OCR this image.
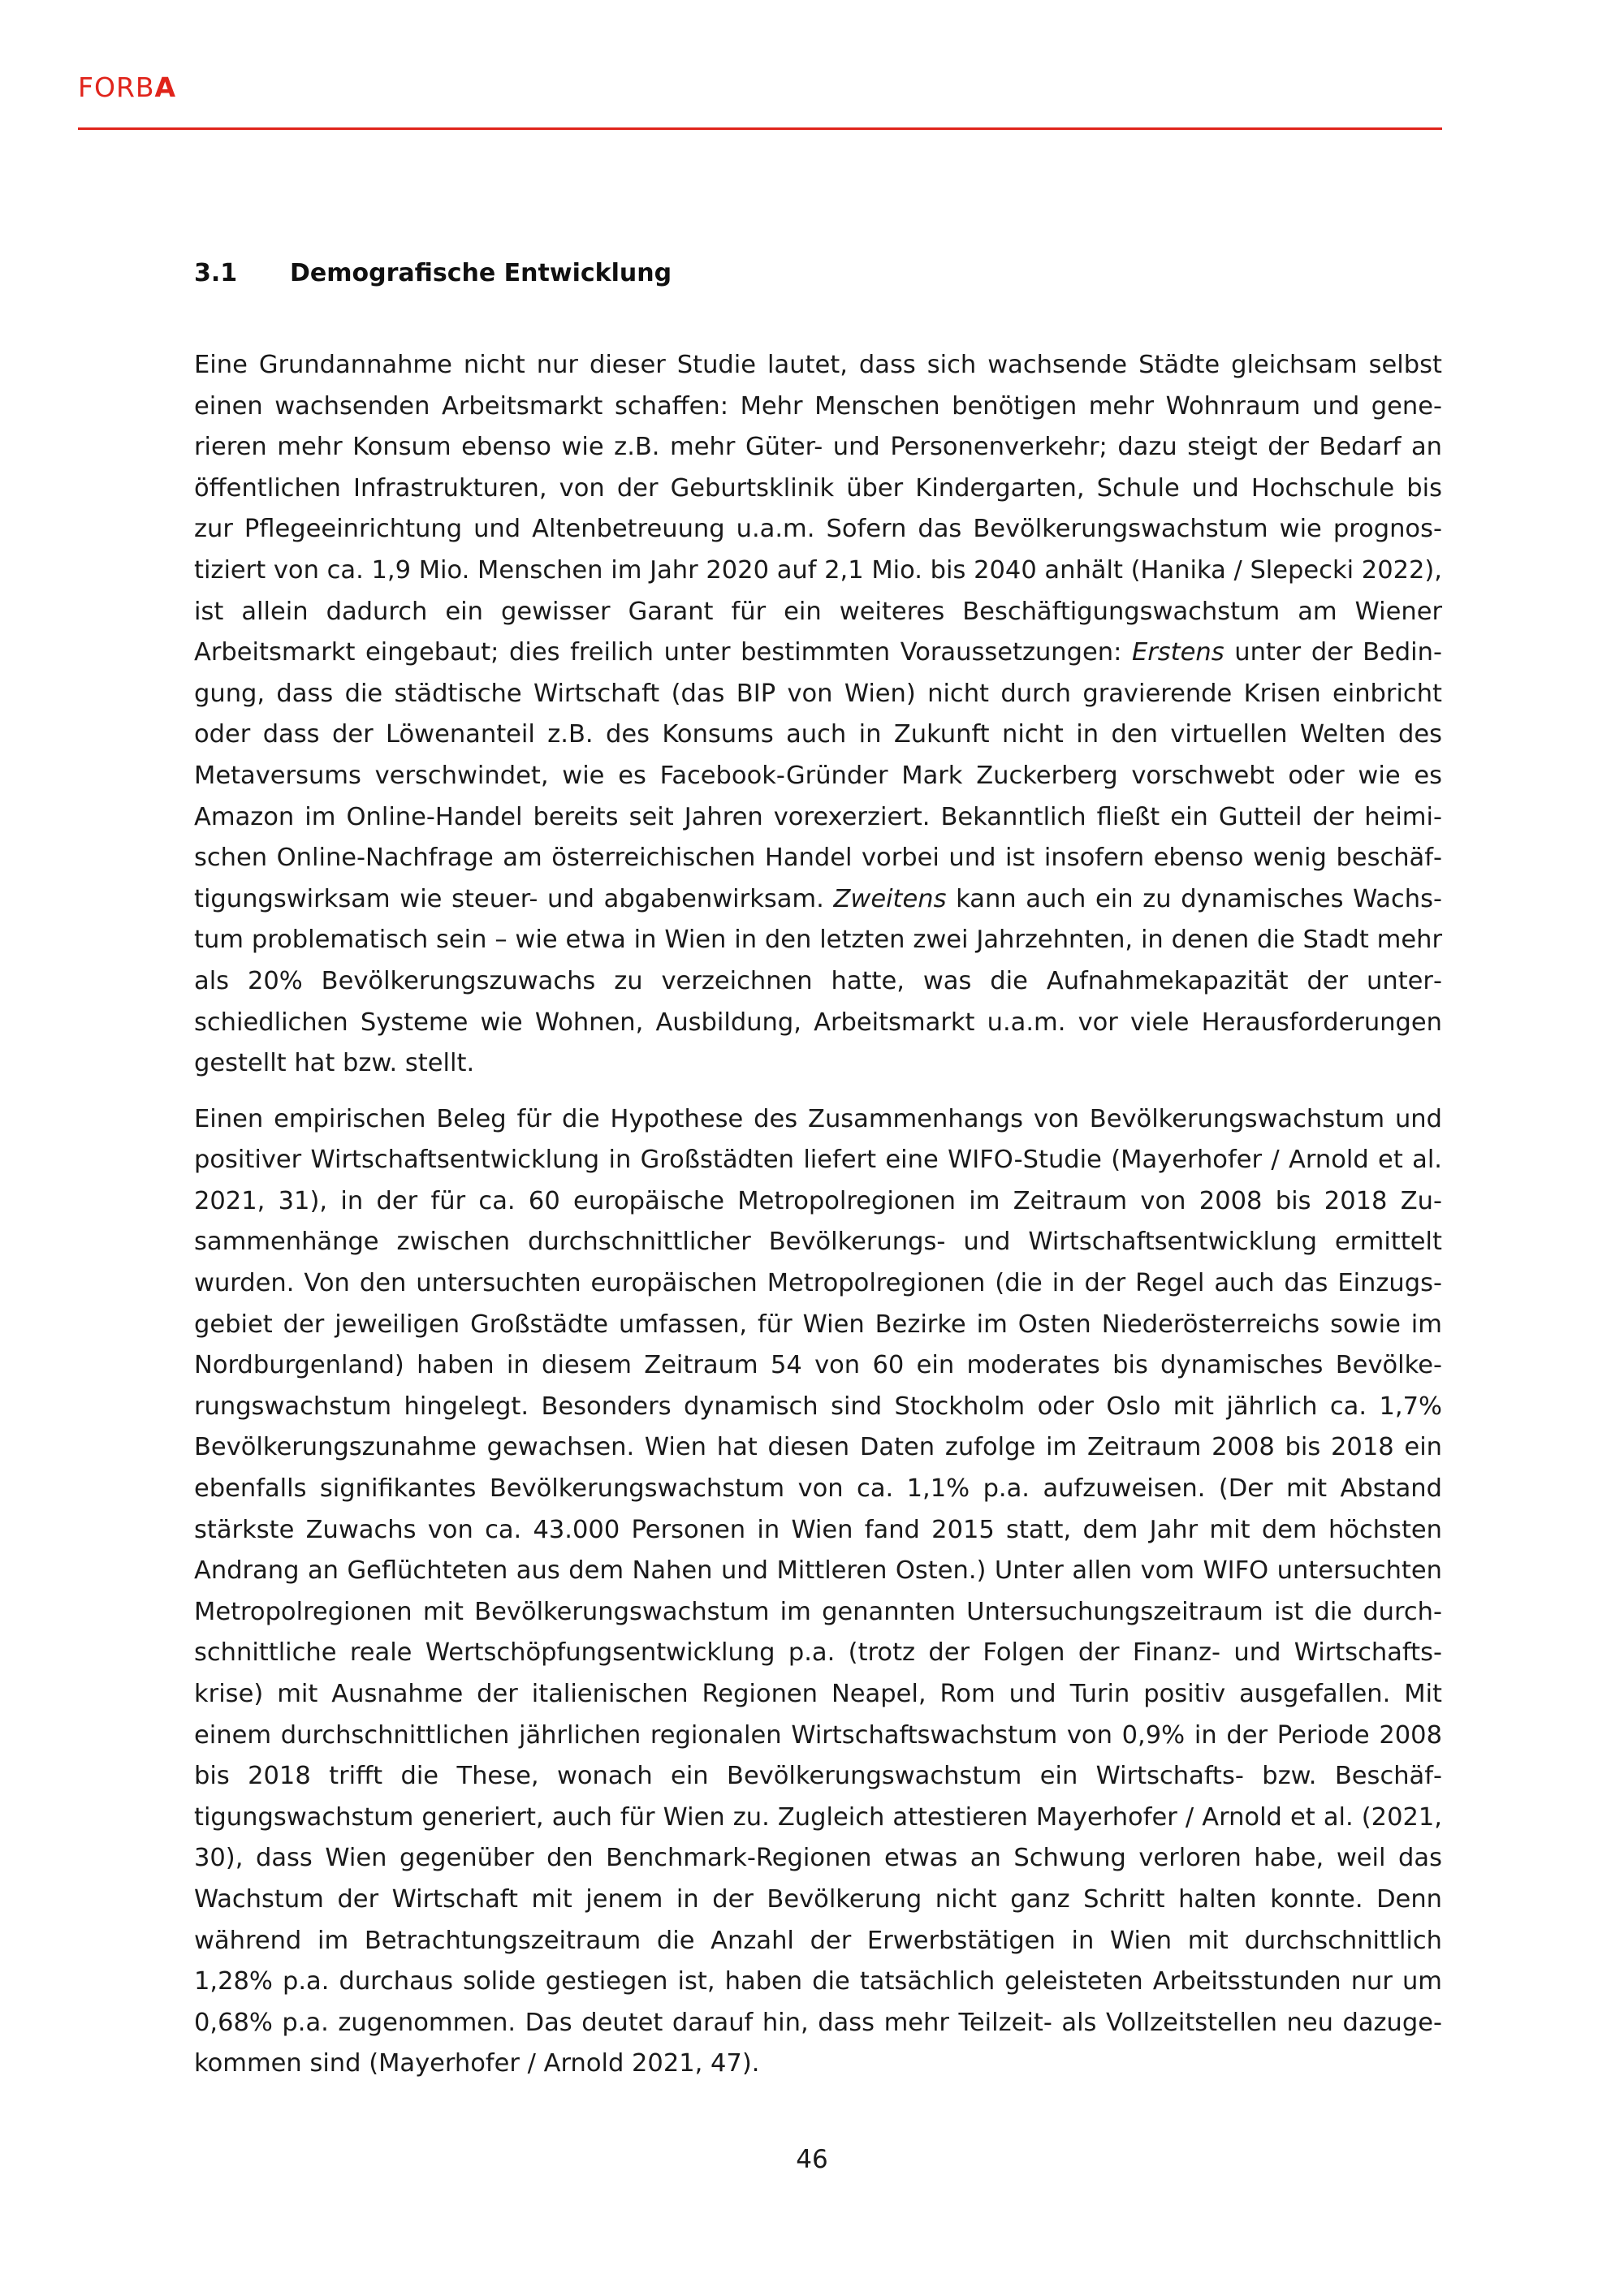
FORBA
3.1 Demografische Entwicklung

Eine Grundannahme nicht nur dieser Studie lautet, dass sich wachsende Städte gleichsam selbst einen wachsenden Arbeitsmarkt schaffen: Mehr Menschen benötigen mehr Wohnraum und generieren mehr Konsum ebenso wie z.B. mehr Güter- und Personenverkehr; dazu steigt der Bedarf an öffentlichen Infrastrukturen, von der Geburtsklinik über Kindergarten, Schule und Hochschule bis zur Pflegeeinrichtung und Altenbetreuung u.a.m. Sofern das Bevölkerungswachstum wie prognostiziert von ca. 1,9 Mio. Menschen im Jahr 2020 auf 2,1 Mio. bis 2040 anhält (Hanika / Slepecki 2022), ist allein dadurch ein gewisser Garant für ein weiteres Beschäftigungswachstum am Wiener Arbeitsmarkt eingebaut; dies freilich unter bestimmten Voraussetzungen: Erstens unter der Bedingung, dass die städtische Wirtschaft (das BIP von Wien) nicht durch gravierende Krisen einbricht oder dass der Löwenanteil z.B. des Konsums auch in Zukunft nicht in den virtuellen Welten des Metaversums verschwindet, wie es Facebook-Gründer Mark Zuckerberg vorschwebt oder wie es Amazon im Online-Handel bereits seit Jahren vorexerziert. Bekanntlich fließt ein Gutteil der heimischen Online-Nachfrage am österreichischen Handel vorbei und ist insofern ebenso wenig beschäftigungswirksam wie steuer- und abgabenwirksam. Zweitens kann auch ein zu dynamisches Wachstum problematisch sein – wie etwa in Wien in den letzten zwei Jahrzehnten, in denen die Stadt mehr als 20% Bevölkerungszuwachs zu verzeichnen hatte, was die Aufnahmekapazität der unterschiedlichen Systeme wie Wohnen, Ausbildung, Arbeitsmarkt u.a.m. vor viele Herausforderungen gestellt hat bzw. stellt.

Einen empirischen Beleg für die Hypothese des Zusammenhangs von Bevölkerungswachstum und positiver Wirtschaftsentwicklung in Großstädten liefert eine WIFO-Studie (Mayerhofer / Arnold et al. 2021, 31), in der für ca. 60 europäische Metropolregionen im Zeitraum von 2008 bis 2018 Zusammenhänge zwischen durchschnittlicher Bevölkerungs- und Wirtschaftsentwicklung ermittelt wurden. Von den untersuchten europäischen Metropolregionen (die in der Regel auch das Einzugsgebiet der jeweiligen Großstädte umfassen, für Wien Bezirke im Osten Niederösterreichs sowie im Nordburgenland) haben in diesem Zeitraum 54 von 60 ein moderates bis dynamisches Bevölkerungswachstum hingelegt. Besonders dynamisch sind Stockholm oder Oslo mit jährlich ca. 1,7% Bevölkerungszunahme gewachsen. Wien hat diesen Daten zufolge im Zeitraum 2008 bis 2018 ein ebenfalls signifikantes Bevölkerungswachstum von ca. 1,1% p.a. aufzuweisen. (Der mit Abstand stärkste Zuwachs von ca. 43.000 Personen in Wien fand 2015 statt, dem Jahr mit dem höchsten Andrang an Geflüchteten aus dem Nahen und Mittleren Osten.) Unter allen vom WIFO untersuchten Metropolregionen mit Bevölkerungswachstum im genannten Untersuchungszeitraum ist die durchschnittliche reale Wertschöpfungsentwicklung p.a. (trotz der Folgen der Finanz- und Wirtschaftskrise) mit Ausnahme der italienischen Regionen Neapel, Rom und Turin positiv ausgefallen. Mit einem durchschnittlichen jährlichen regionalen Wirtschaftswachstum von 0,9% in der Periode 2008 bis 2018 trifft die These, wonach ein Bevölkerungswachstum ein Wirtschafts- bzw. Beschäftigungswachstum generiert, auch für Wien zu. Zugleich attestieren Mayerhofer / Arnold et al. (2021, 30), dass Wien gegenüber den Benchmark-Regionen etwas an Schwung verloren habe, weil das Wachstum der Wirtschaft mit jenem in der Bevölkerung nicht ganz Schritt halten konnte. Denn während im Betrachtungszeitraum die Anzahl der Erwerbstätigen in Wien mit durchschnittlich 1,28% p.a. durchaus solide gestiegen ist, haben die tatsächlich geleisteten Arbeitsstunden nur um 0,68% p.a. zugenommen. Das deutet darauf hin, dass mehr Teilzeit- als Vollzeitstellen neu dazugekommen sind (Mayerhofer / Arnold 2021, 47).

46
